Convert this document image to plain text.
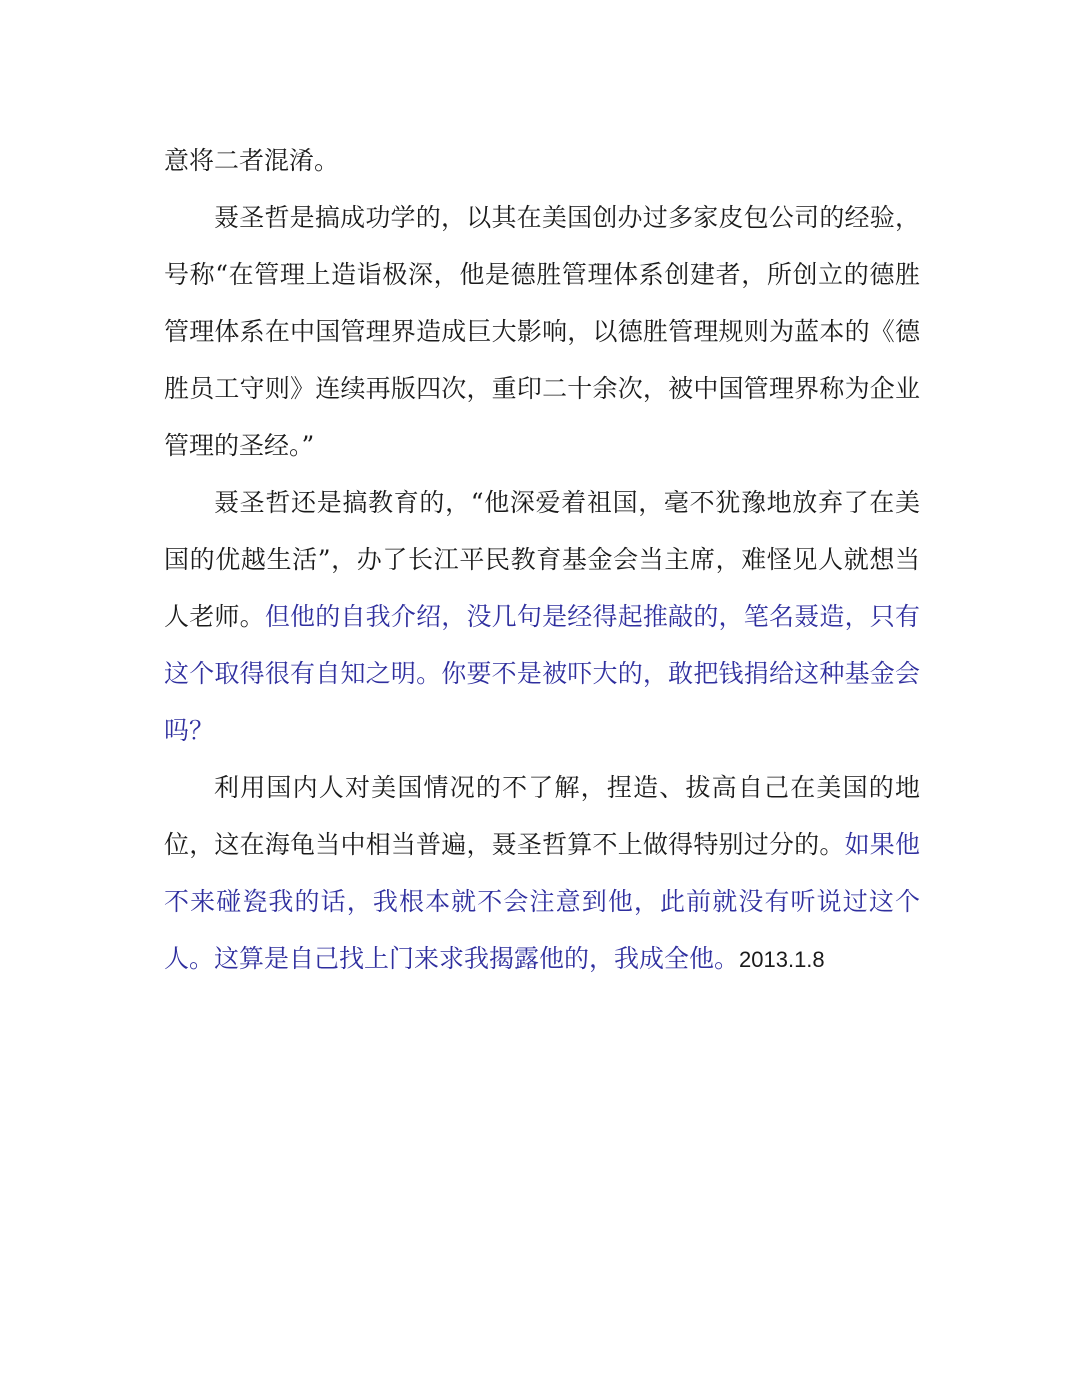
意将二者混淆。

聂圣哲是搞成功学的，以其在美国创办过多家皮包公司的经验，号称“在管理上造诣极深，他是德胜管理体系创建者，所创立的德胜管理体系在中国管理界造成巨大影响，以德胜管理规则为蓝本的《德胜员工守则》连续再版四次，重印二十余次，被中国管理界称为企业管理的圣经。”

聂圣哲还是搞教育的，“他深爱着祖国，毫不犹豫地放弃了在美国的优越生活”，办了长江平民教育基金会当主席，难怪见人就想当人老师。但他的自我介绍，没几句是经得起推敲的，笔名聂造，只有这个取得很有自知之明。你要不是被吓大的，敢把钱捐给这种基金会吗？

利用国内人对美国情况的不了解，捏造、拔高自己在美国的地位，这在海龟当中相当普遍，聂圣哲算不上做得特别过分的。如果他不来碰瓷我的话，我根本就不会注意到他，此前就没有听说过这个人。这算是自己找上门来求我揭露他的，我成全他。2013.1.8
